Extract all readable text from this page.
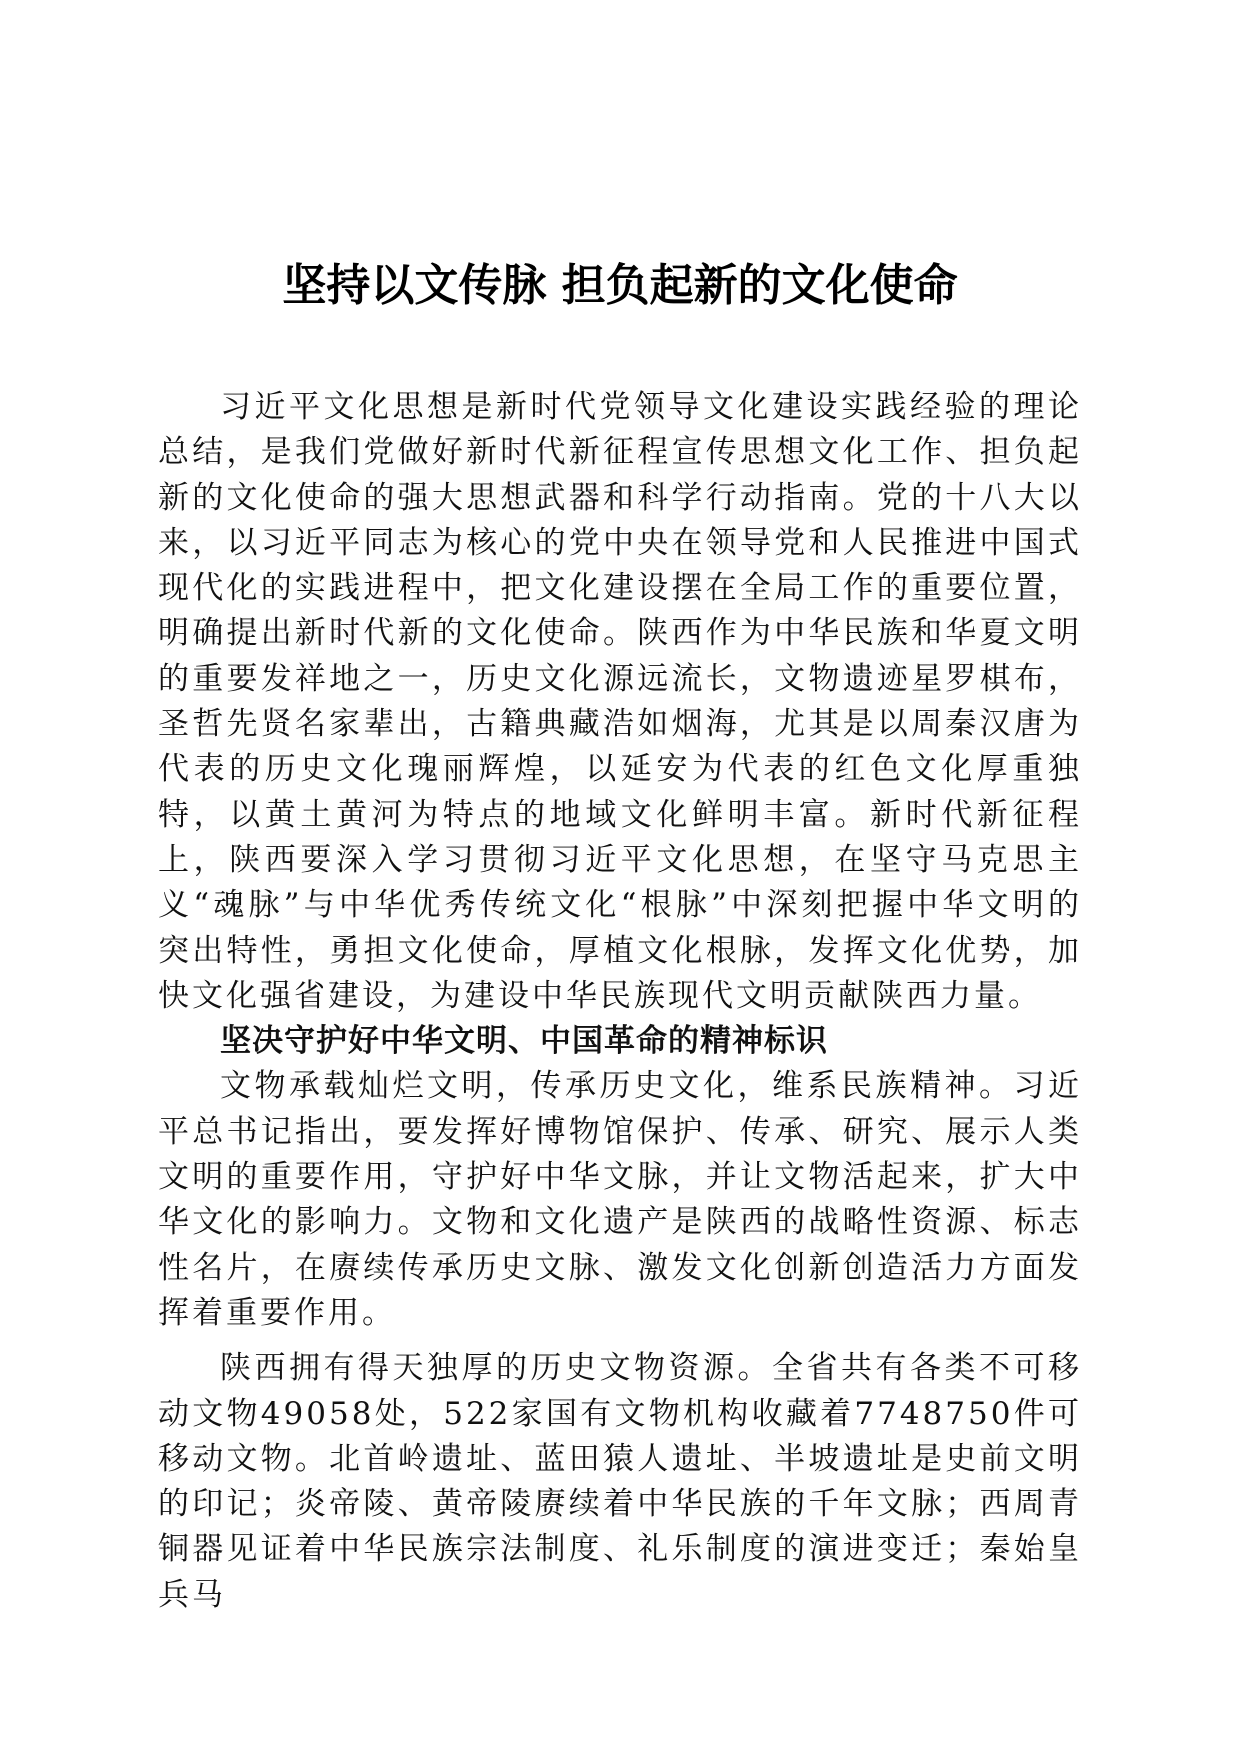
坚持以文传脉 担负起新的文化使命

习近平文化思想是新时代党领导文化建设实践经验的理论总结，是我们党做好新时代新征程宣传思想文化工作、担负起新的文化使命的强大思想武器和科学行动指南。党的十八大以来，以习近平同志为核心的党中央在领导党和人民推进中国式现代化的实践进程中，把文化建设摆在全局工作的重要位置，明确提出新时代新的文化使命。陕西作为中华民族和华夏文明的重要发祥地之一，历史文化源远流长，文物遗迹星罗棋布，圣哲先贤名家辈出，古籍典藏浩如烟海，尤其是以周秦汉唐为代表的历史文化瑰丽辉煌，以延安为代表的红色文化厚重独特，以黄土黄河为特点的地域文化鲜明丰富。新时代新征程上，陕西要深入学习贯彻习近平文化思想，在坚守马克思主义“魂脉”与中华优秀传统文化“根脉”中深刻把握中华文明的突出特性，勇担文化使命，厚植文化根脉，发挥文化优势，加快文化强省建设，为建设中华民族现代文明贡献陕西力量。

坚决守护好中华文明、中国革命的精神标识

文物承载灿烂文明，传承历史文化，维系民族精神。习近平总书记指出，要发挥好博物馆保护、传承、研究、展示人类文明的重要作用，守护好中华文脉，并让文物活起来，扩大中华文化的影响力。文物和文化遗产是陕西的战略性资源、标志性名片，在赓续传承历史文脉、激发文化创新创造活力方面发挥着重要作用。

陕西拥有得天独厚的历史文物资源。全省共有各类不可移动文物49058处，522家国有文物机构收藏着7748750件可移动文物。北首岭遗址、蓝田猿人遗址、半坡遗址是史前文明的印记；炎帝陵、黄帝陵赓续着中华民族的千年文脉；西周青铜器见证着中华民族宗法制度、礼乐制度的演进变迁；秦始皇兵马
